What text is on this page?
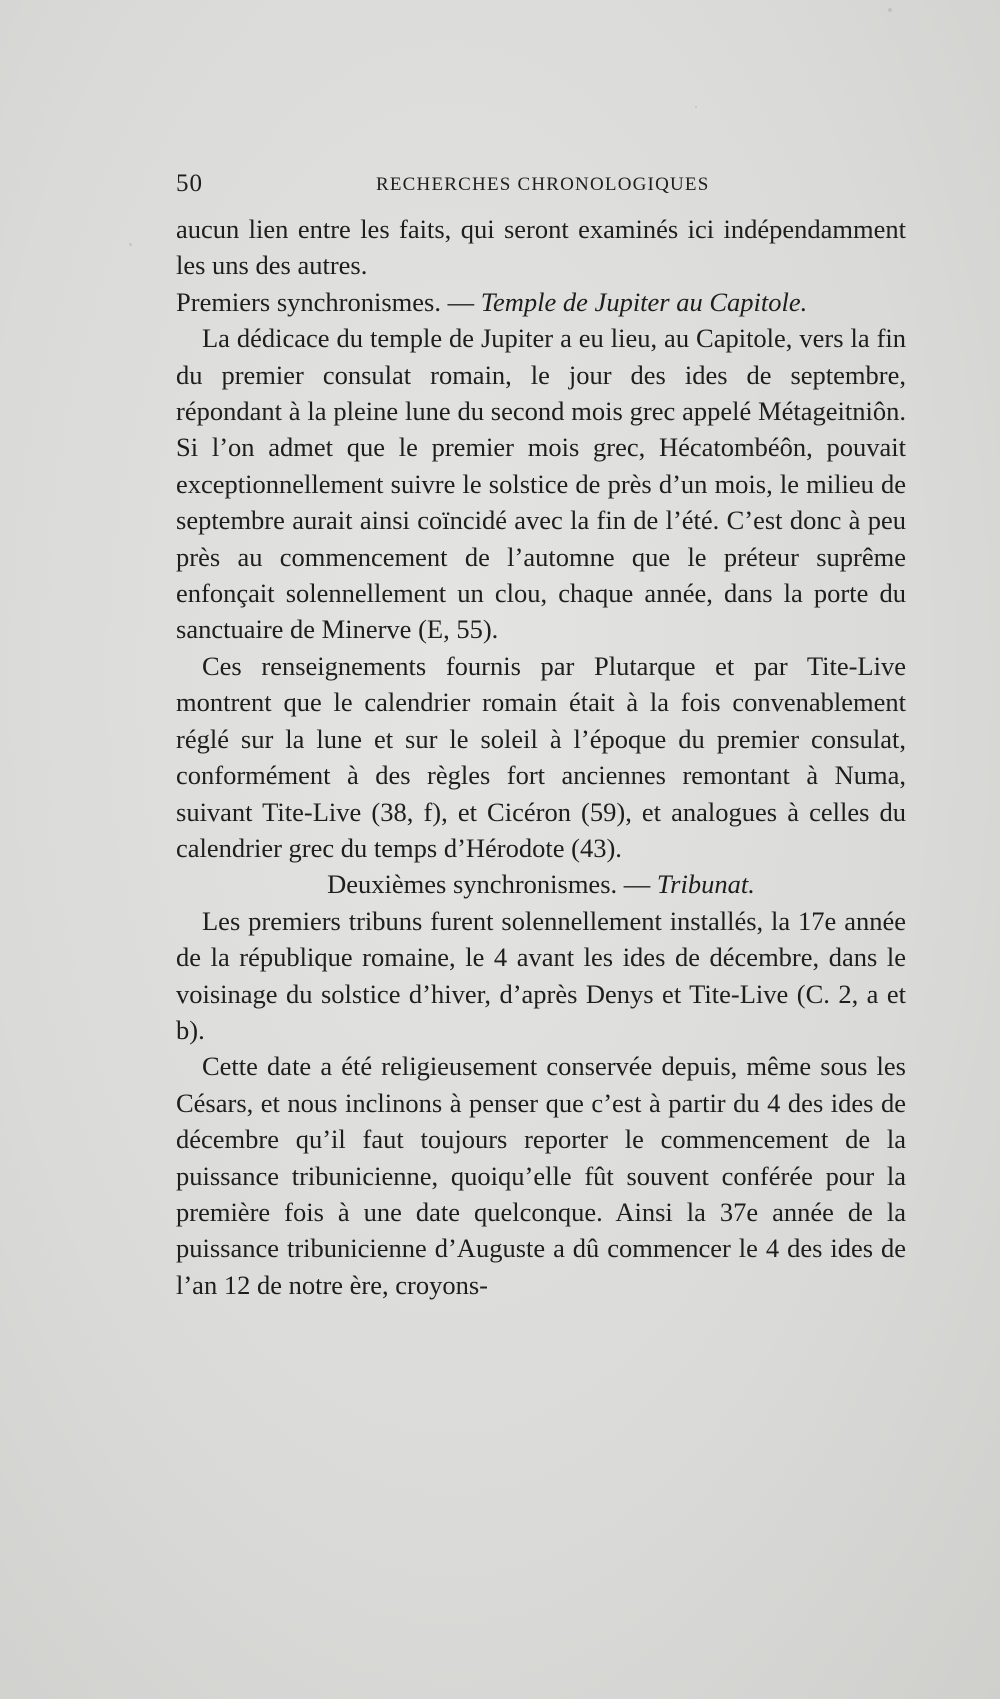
50	RECHERCHES CHRONOLOGIQUES

aucun lien entre les faits, qui seront examinés ici indépendamment les uns des autres.

Premiers synchronismes. — Temple de Jupiter au Capitole.

La dédicace du temple de Jupiter a eu lieu, au Capitole, vers la fin du premier consulat romain, le jour des ides de septembre, répondant à la pleine lune du second mois grec appelé Métageitniôn. Si l’on admet que le premier mois grec, Hécatombéôn, pouvait exceptionnellement suivre le solstice de près d’un mois, le milieu de septembre aurait ainsi coïncidé avec la fin de l’été. C’est donc à peu près au commencement de l’automne que le préteur suprême enfonçait solennellement un clou, chaque année, dans la porte du sanctuaire de Minerve (E, 55).

Ces renseignements fournis par Plutarque et par Tite-Live montrent que le calendrier romain était à la fois convenablement réglé sur la lune et sur le soleil à l’époque du premier consulat, conformément à des règles fort anciennes remontant à Numa, suivant Tite-Live (38, f), et Cicéron (59), et analogues à celles du calendrier grec du temps d’Hérodote (43).

Deuxièmes synchronismes. — Tribunat.

Les premiers tribuns furent solennellement installés, la 17e année de la république romaine, le 4 avant les ides de décembre, dans le voisinage du solstice d’hiver, d’après Denys et Tite-Live (C. 2, a et b).

Cette date a été religieusement conservée depuis, même sous les Césars, et nous inclinons à penser que c’est à partir du 4 des ides de décembre qu’il faut toujours reporter le commencement de la puissance tribunicienne, quoiqu’elle fût souvent conférée pour la première fois à une date quelconque. Ainsi la 37e année de la puissance tribunicienne d’Auguste a dû commencer le 4 des ides de l’an 12 de notre ère, croyons-
